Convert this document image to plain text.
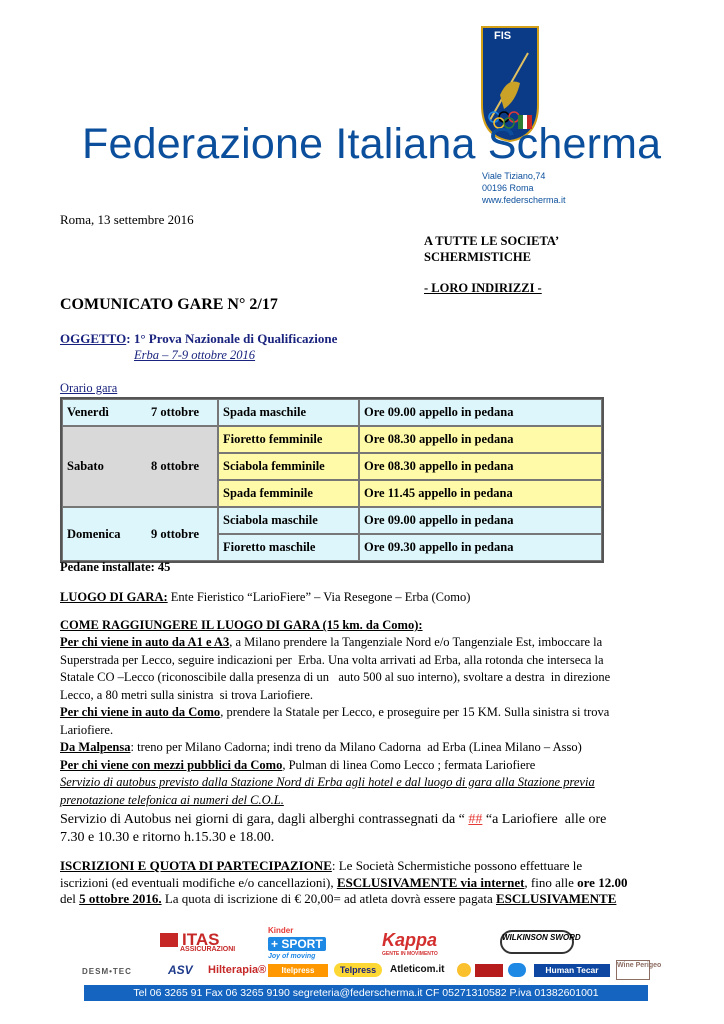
FIS
Federazione Italiana Scherma
Viale Tiziano,74
00196 Roma
www.federscherma.it
Roma, 13 settembre 2016
A TUTTE LE SOCIETA’
SCHERMISTICHE
- LORO INDIRIZZI -
COMUNICATO GARE N° 2/17
OGGETTO: 1° Prova Nazionale di Qualificazione
Erba – 7-9 ottobre 2016
Orario gara
Venerdì 7 ottobre	Spada maschile	Ore 09.00 appello in pedana

Sabato 8 ottobre	Fioretto femminile	Ore 08.30 appello in pedana
	Sciabola femminile	Ore 08.30 appello in pedana
	Spada femminile	Ore 11.45 appello in pedana

Domenica 9 ottobre	Sciabola maschile	Ore 09.00 appello in pedana
	Fioretto maschile	Ore 09.30 appello in pedana
Pedane installate: 45
LUOGO DI GARA: Ente Fieristico “LarioFiere” – Via Resegone – Erba (Como)
COME RAGGIUNGERE IL LUOGO DI GARA (15 km. da Como):
Per chi viene in auto da A1 e A3, a Milano prendere la Tangenziale Nord e/o Tangenziale Est, imboccare la
Superstrada per Lecco, seguire indicazioni per  Erba. Una volta arrivati ad Erba, alla rotonda che interseca la
Statale CO –Lecco (riconoscibile dalla presenza di un   auto 500 al suo interno), svoltare a destra  in direzione
Lecco, a 80 metri sulla sinistra  si trova Lariofiere.
Per chi viene in auto da Como, prendere la Statale per Lecco, e proseguire per 15 KM. Sulla sinistra si trova
Lariofiere.
Da Malpensa: treno per Milano Cadorna; indi treno da Milano Cadorna  ad Erba (Linea Milano – Asso)
Per chi viene con mezzi pubblici da Como, Pulman di linea Como Lecco ; fermata Lariofiere
Servizio di autobus previsto dalla Stazione Nord di Erba agli hotel e dal luogo di gara alla Stazione previa
prenotazione telefonica ai numeri del C.O.L.
Servizio di Autobus nei giorni di gara, dagli alberghi contrassegnati da “ ## “a Lariofiere  alle ore
7.30 e 10.30 e ritorno h.15.30 e 18.00.
ISCRIZIONI E QUOTA DI PARTECIPAZIONE: Le Società Schermistiche possono effettuare le
iscrizioni (ed eventuali modifiche e/o cancellazioni), ESCLUSIVAMENTE via internet, fino alle ore 12.00
del 5 ottobre 2016. La quota di iscrizione di € 20,00= ad atleta dovrà essere pagata ESCLUSIVAMENTE
ITAS
ASSICURAZIONI
Kinder
+ SPORT
Joy of moving
Kappa
GENTE IN MOVIMENTO
WILKINSON SWORD
DESM•TEC	ASV Hilterapia®	Itelpress	Telpress	Atleticom.it	Human Tecar	Wine Perigeo
Tel 06 3265 91 Fax 06 3265 9190 segreteria@federscherma.it CF 05271310582 P.iva 01382601001
